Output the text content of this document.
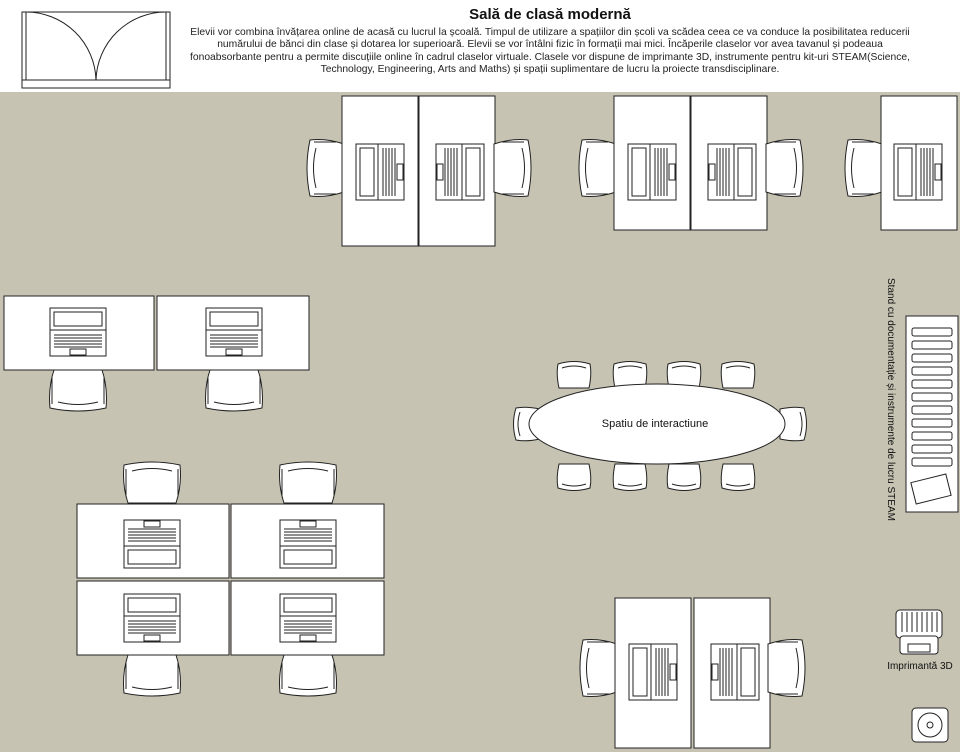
Sală de clasă modernă
Elevii vor combina învățarea online de acasă cu lucrul la școală. Timpul de utilizare a spațiilor din școli va scădea ceea ce va conduce la posibilitatea reducerii numărului de bănci din clase și dotarea lor superioară. Elevii se vor întâlni fizic în formații mai mici. Încăperile claselor vor avea tavanul și podeaua fonoabsorbante pentru a permite discuțiile online în cadrul claselor virtuale. Clasele vor dispune de imprimante 3D, instrumente pentru kit-uri STEAM(Science, Technology, Engineering, Arts and Maths) și spații suplimentare de lucru la proiecte transdisciplinare.
Spatiu de interactiune	Stand cu documentație și instrumente de lucru STEAM
Imprimantă 3D
